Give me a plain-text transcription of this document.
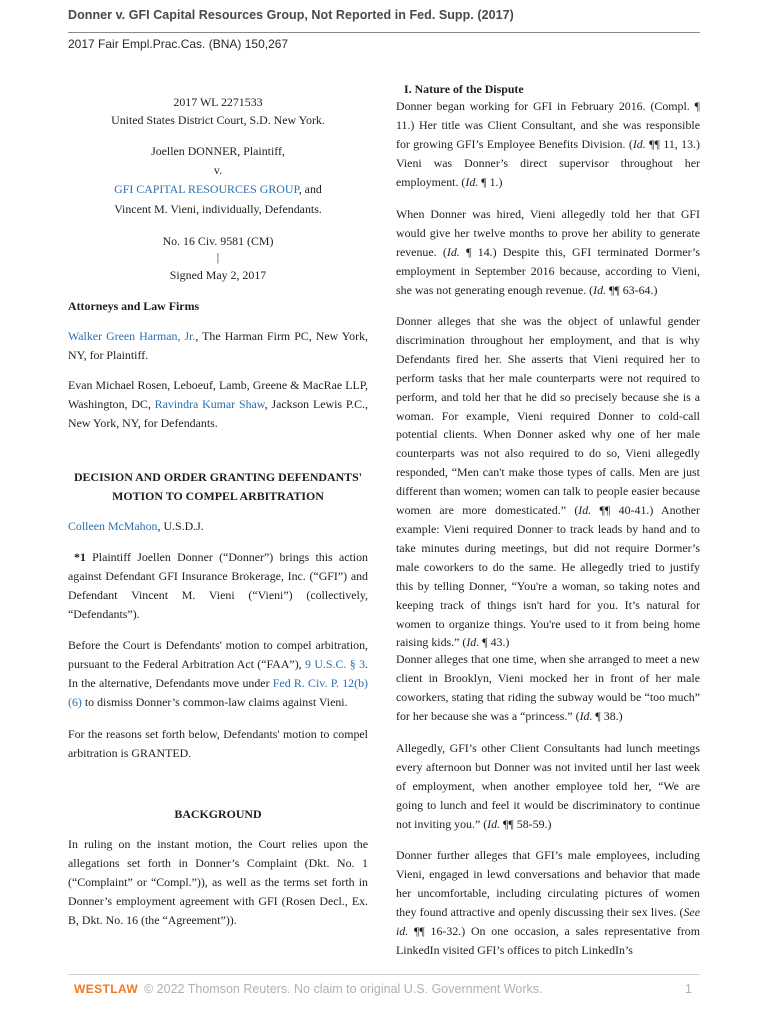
Donner v. GFI Capital Resources Group, Not Reported in Fed. Supp. (2017)
2017 Fair Empl.Prac.Cas. (BNA) 150,267

2017 WL 2271533

United States District Court, S.D. New York.

Joellen DONNER, Plaintiff,

v.

GFI CAPITAL RESOURCES GROUP, and

Vincent M. Vieni, individually, Defendants.

No. 16 Civ. 9581 (CM)

|

Signed May 2, 2017

Attorneys and Law Firms

Walker Green Harman, Jr., The Harman Firm PC, New York, NY, for Plaintiff.

Evan Michael Rosen, Leboeuf, Lamb, Greene & MacRae LLP, Washington, DC, Ravindra Kumar Shaw, Jackson Lewis P.C., New York, NY, for Defendants.

DECISION AND ORDER GRANTING DEFENDANTS' MOTION TO COMPEL ARBITRATION

Colleen McMahon, U.S.D.J.

*1 Plaintiff Joellen Donner (“Donner”) brings this action against Defendant GFI Insurance Brokerage, Inc. (“GFI”) and Defendant Vincent M. Vieni (“Vieni”) (collectively, “Defendants”).

Before the Court is Defendants' motion to compel arbitration, pursuant to the Federal Arbitration Act (“FAA”), 9 U.S.C. § 3. In the alternative, Defendants move under Fed R. Civ. P. 12(b)(6) to dismiss Donner’s common-law claims against Vieni.

For the reasons set forth below, Defendants' motion to compel arbitration is GRANTED.

BACKGROUND

In ruling on the instant motion, the Court relies upon the allegations set forth in Donner’s Complaint (Dkt. No. 1 (“Complaint” or “Compl.”)), as well as the terms set forth in Donner’s employment agreement with GFI (Rosen Decl., Ex. B, Dkt. No. 16 (the “Agreement”)).

I. Nature of the Dispute

Donner began working for GFI in February 2016. (Compl. ¶ 11.) Her title was Client Consultant, and she was responsible for growing GFI’s Employee Benefits Division. (Id. ¶¶ 11, 13.) Vieni was Donner’s direct supervisor throughout her employment. (Id. ¶ 1.)

When Donner was hired, Vieni allegedly told her that GFI would give her twelve months to prove her ability to generate revenue. (Id. ¶ 14.) Despite this, GFI terminated Dormer’s employment in September 2016 because, according to Vieni, she was not generating enough revenue. (Id. ¶¶ 63-64.)

Donner alleges that she was the object of unlawful gender discrimination throughout her employment, and that is why Defendants fired her. She asserts that Vieni required her to perform tasks that her male counterparts were not required to perform, and told her that he did so precisely because she is a woman. For example, Vieni required Donner to cold-call potential clients. When Donner asked why one of her male counterparts was not also required to do so, Vieni allegedly responded, “Men can't make those types of calls. Men are just different than women; women can talk to people easier because women are more domesticated.” (Id. ¶¶ 40-41.) Another example: Vieni required Donner to track leads by hand and to take minutes during meetings, but did not require Dormer’s male coworkers to do the same. He allegedly tried to justify this by telling Donner, “You're a woman, so taking notes and keeping track of things isn't hard for you. It’s natural for women to organize things. You're used to it from being home raising kids.” (Id. ¶ 43.)

Donner alleges that one time, when she arranged to meet a new client in Brooklyn, Vieni mocked her in front of her male coworkers, stating that riding the subway would be “too much” for her because she was a “princess.” (Id. ¶ 38.)

Allegedly, GFI’s other Client Consultants had lunch meetings every afternoon but Donner was not invited until her last week of employment, when another employee told her, “We are going to lunch and feel it would be discriminatory to continue not inviting you.” (Id. ¶¶ 58-59.)

Donner further alleges that GFI’s male employees, including Vieni, engaged in lewd conversations and behavior that made her uncomfortable, including circulating pictures of women they found attractive and openly discussing their sex lives. (See id. ¶¶ 16-32.) On one occasion, a sales representative from LinkedIn visited GFI’s offices to pitch LinkedIn’s

WESTLAW © 2022 Thomson Reuters. No claim to original U.S. Government Works.	1
